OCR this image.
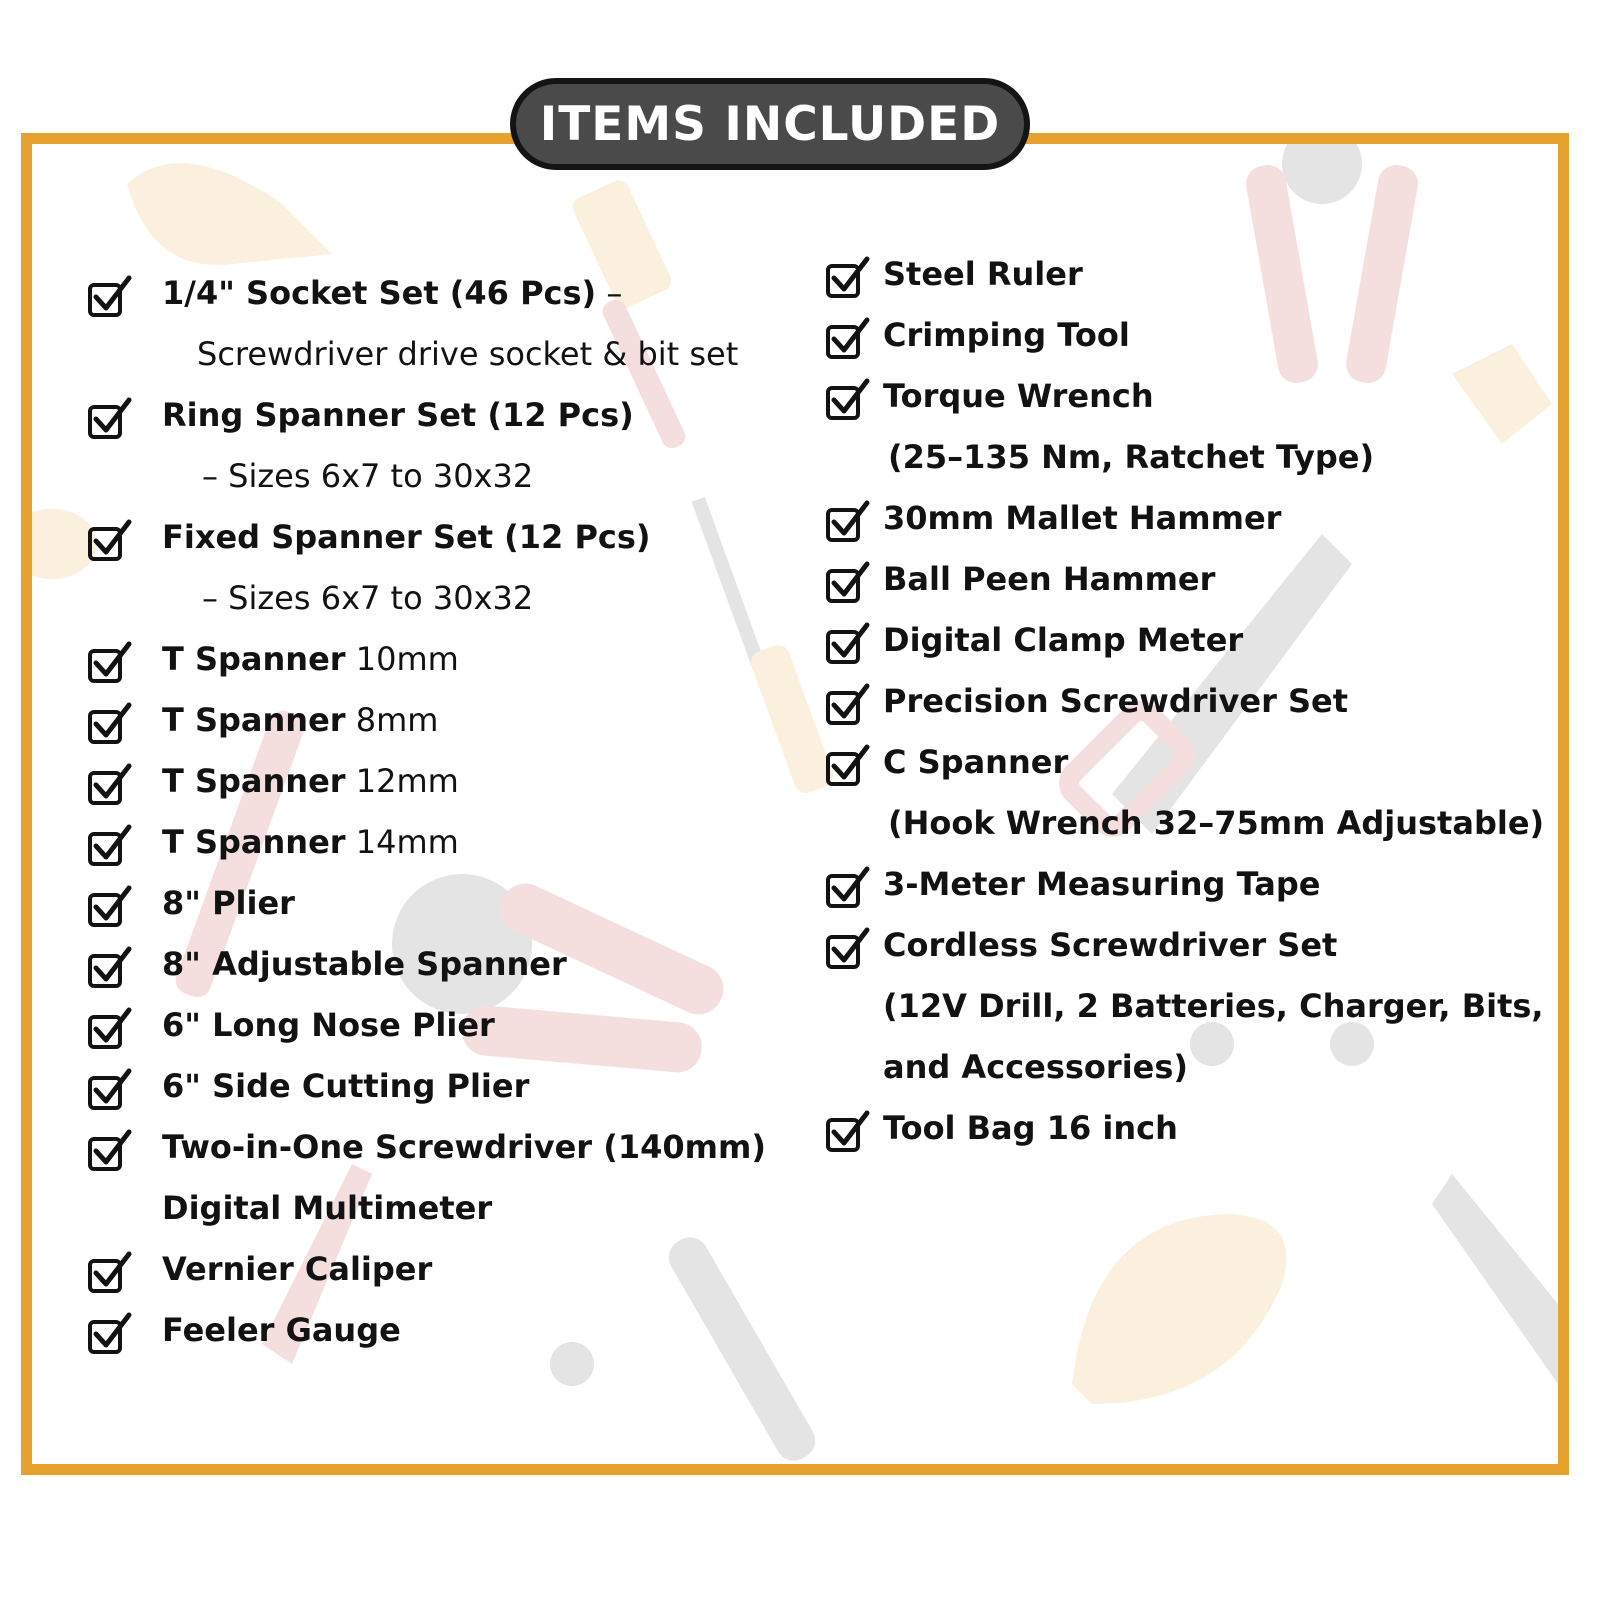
ITEMS INCLUDED
1/4" Socket Set (46 Pcs) –
Screwdriver drive socket & bit set
Ring Spanner Set (12 Pcs)
– Sizes 6x7 to 30x32
Fixed Spanner Set (12 Pcs)
– Sizes 6x7 to 30x32
T Spanner 10mm
T Spanner 8mm
T Spanner 12mm
T Spanner 14mm
8" Plier
8" Adjustable Spanner
6" Long Nose Plier
6" Side Cutting Plier
Two-in-One Screwdriver (140mm)
Digital Multimeter
Vernier Caliper
Feeler Gauge
Steel Ruler
Crimping Tool
Torque Wrench
(25–135 Nm, Ratchet Type)
30mm Mallet Hammer
Ball Peen Hammer
Digital Clamp Meter
Precision Screwdriver Set
C Spanner
(Hook Wrench 32–75mm Adjustable)
3-Meter Measuring Tape
Cordless Screwdriver Set
(12V Drill, 2 Batteries, Charger, Bits,
and Accessories)
Tool Bag 16 inch
